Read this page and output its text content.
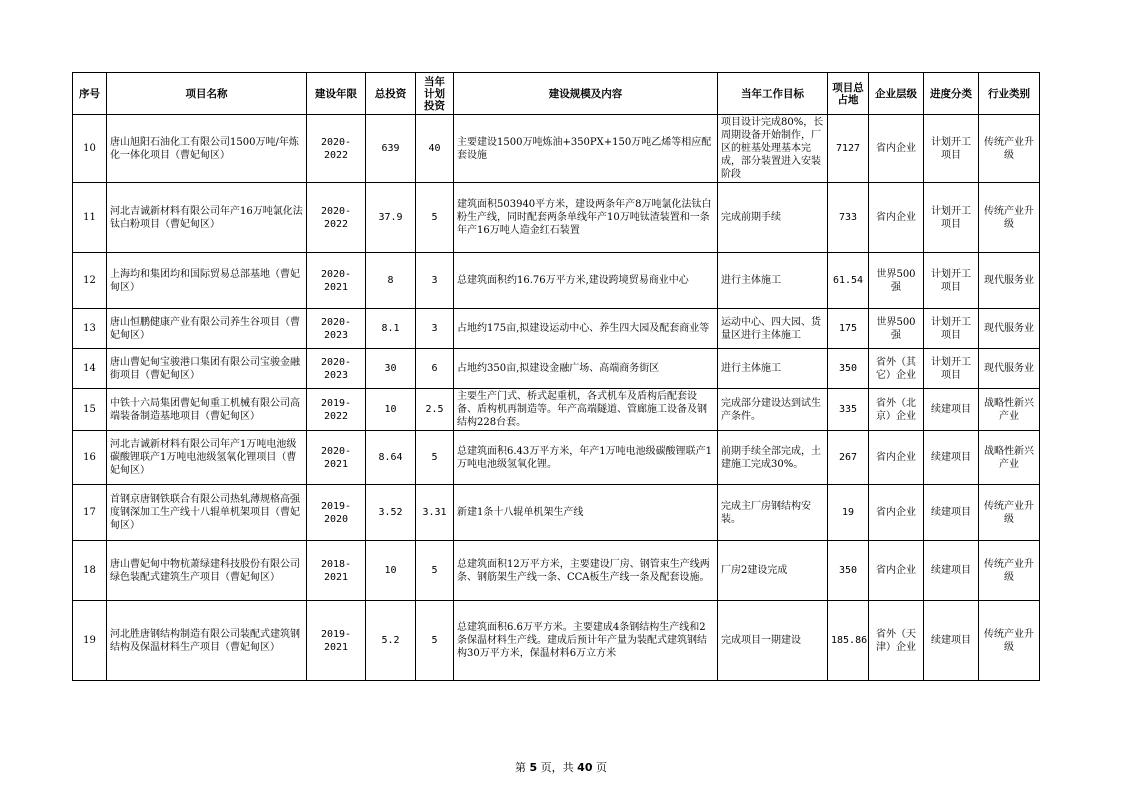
序号	项目名称	建设年限	总投资	当年计划投资	建设规模及内容	当年工作目标	项目总占地	企业层级	进度分类	行业类别
10	唐山旭阳石油化工有限公司1500万吨/年炼化一体化项目（曹妃甸区）	2020-2022	639	40	主要建设1500万吨炼油+350PX+150万吨乙烯等相应配套设施	项目设计完成80%，长周期设备开始制作，厂区的桩基处理基本完成，部分装置进入安装阶段	7127	省内企业	计划开工项目	传统产业升级
11	河北吉诚新材料有限公司年产16万吨氯化法钛白粉项目（曹妃甸区）	2020-2022	37.9	5	建筑面积503940平方米，建设两条年产8万吨氯化法钛白粉生产线，同时配套两条单线年产10万吨钛渣装置和一条年产16万吨人造金红石装置	完成前期手续	733	省内企业	计划开工项目	传统产业升级
12	上海均和集团均和国际贸易总部基地（曹妃甸区）	2020-2021	8	3	总建筑面积约16.76万平方米,建设跨境贸易商业中心	进行主体施工	61.54	世界500强	计划开工项目	现代服务业
13	唐山恒鹏健康产业有限公司养生谷项目（曹妃甸区）	2020-2023	8.1	3	占地约175亩,拟建设运动中心、养生四大园及配套商业等	运动中心、四大园、货量区进行主体施工	175	世界500强	计划开工项目	现代服务业
14	唐山曹妃甸宝骏港口集团有限公司宝骏金融街项目（曹妃甸区）	2020-2023	30	6	占地约350亩,拟建设金融广场、高端商务街区	进行主体施工	350	省外（其它）企业	计划开工项目	现代服务业
15	中铁十六局集团曹妃甸重工机械有限公司高端装备制造基地项目（曹妃甸区）	2019-2022	10	2.5	主要生产门式、桥式起重机，各式机车及盾构后配套设备、盾构机再制造等。年产高端隧道、管廊施工设备及钢结构228台套。	完成部分建设达到试生产条件。	335	省外（北京）企业	续建项目	战略性新兴产业
16	河北吉诚新材料有限公司年产1万吨电池级碳酸锂联产1万吨电池级氢氧化锂项目（曹妃甸区）	2020-2021	8.64	5	总建筑面积6.43万平方米，年产1万吨电池级碳酸锂联产1万吨电池级氢氧化锂。	前期手续全部完成，土建施工完成30%。	267	省内企业	续建项目	战略性新兴产业
17	首钢京唐钢铁联合有限公司热轧薄规格高强度钢深加工生产线十八辊单机架项目（曹妃甸区）	2019-2020	3.52	3.31	新建1条十八辊单机架生产线	完成主厂房钢结构安装。	19	省内企业	续建项目	传统产业升级
18	唐山曹妃甸中物杭萧绿建科技股份有限公司绿色装配式建筑生产项目（曹妃甸区）	2018-2021	10	5	总建筑面积12万平方米，主要建设厂房、钢管束生产线两条、钢筋架生产线一条、CCA板生产线一条及配套设施。	厂房2建设完成	350	省内企业	续建项目	传统产业升级
19	河北胜唐钢结构制造有限公司装配式建筑钢结构及保温材料生产项目（曹妃甸区）	2019-2021	5.2	5	总建筑面积6.6万平方米。主要建成4条钢结构生产线和2条保温材料生产线。建成后预计年产量为装配式建筑钢结构30万平方米，保温材料6万立方米	完成项目一期建设	185.86	省外（天津）企业	续建项目	传统产业升级
第 5 页，共 40 页
